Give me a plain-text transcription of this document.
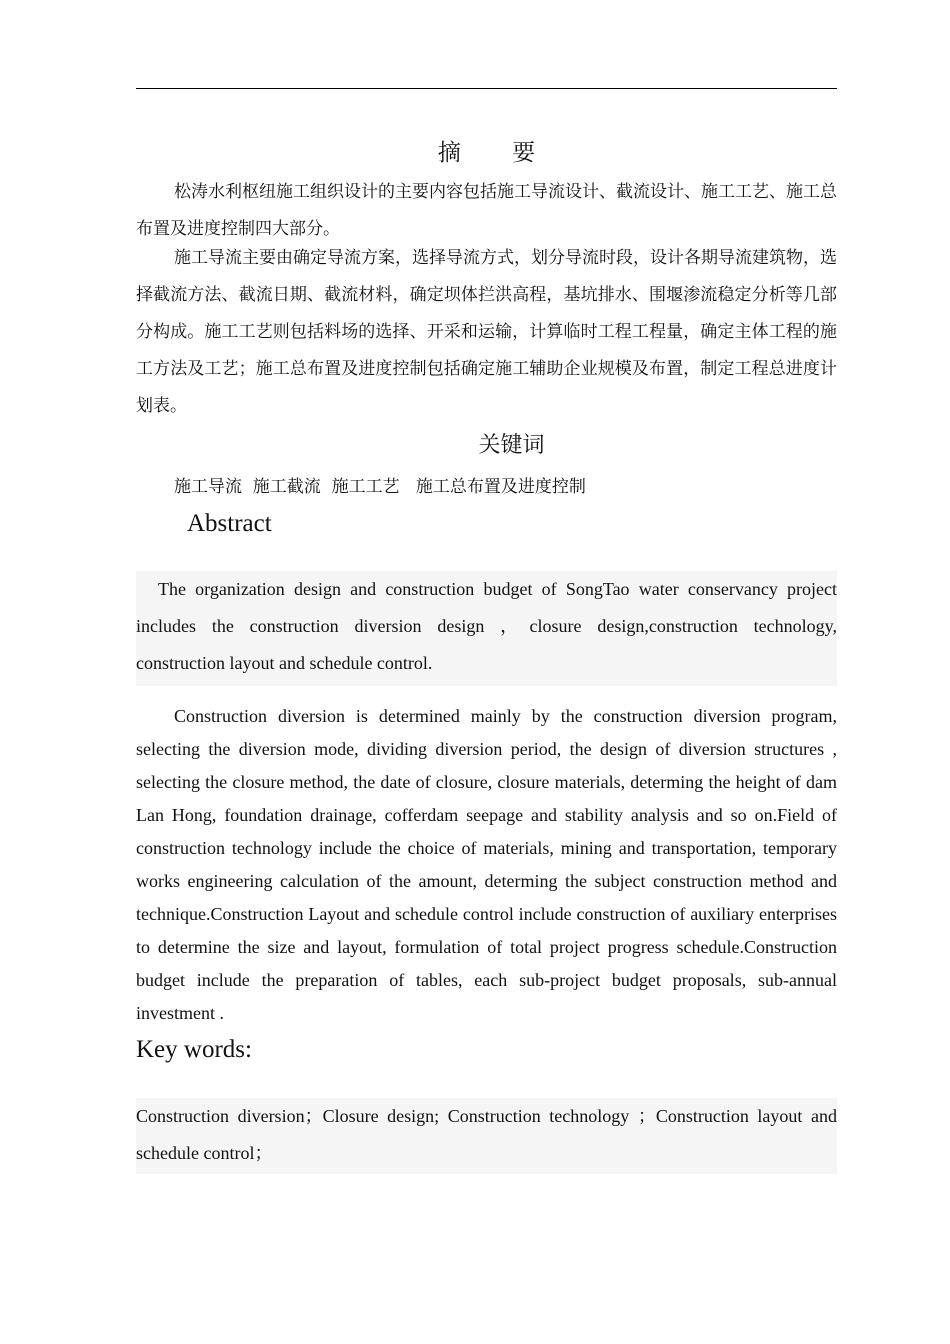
摘 要

松涛水利枢纽施工组织设计的主要内容包括施工导流设计、截流设计、施工工艺、施工总布置及进度控制四大部分。

施工导流主要由确定导流方案，选择导流方式，划分导流时段，设计各期导流建筑物，选择截流方法、截流日期、截流材料，确定坝体拦洪高程，基坑排水、围堰渗流稳定分析等几部分构成。施工工艺则包括料场的选择、开采和运输，计算临时工程工程量，确定主体工程的施工方法及工艺；施工总布置及进度控制包括确定施工辅助企业规模及布置，制定工程总进度计划表。

关键词
施工导流  施工截流  施工工艺   施工总布置及进度控制
Abstract

The organization design and construction budget of SongTao water conservancy project includes the construction diversion design ，closure design,construction technology, construction layout and schedule control.

Construction diversion is determined mainly by the construction diversion program, selecting the diversion mode, dividing diversion period, the design of diversion structures , selecting the closure method, the date of closure, closure materials, determing the height of dam Lan Hong, foundation drainage, cofferdam seepage and stability analysis and so on.Field of construction technology include the choice of materials, mining and transportation, temporary works engineering calculation of the amount, determing the subject construction method and technique.Construction Layout and schedule control include construction of auxiliary enterprises to determine the size and layout, formulation of total project progress schedule.Construction budget include the preparation of tables, each sub-project budget proposals, sub-annual investment .

Key words:

Construction diversion；Closure design; Construction technology ；Construction layout and schedule control；
